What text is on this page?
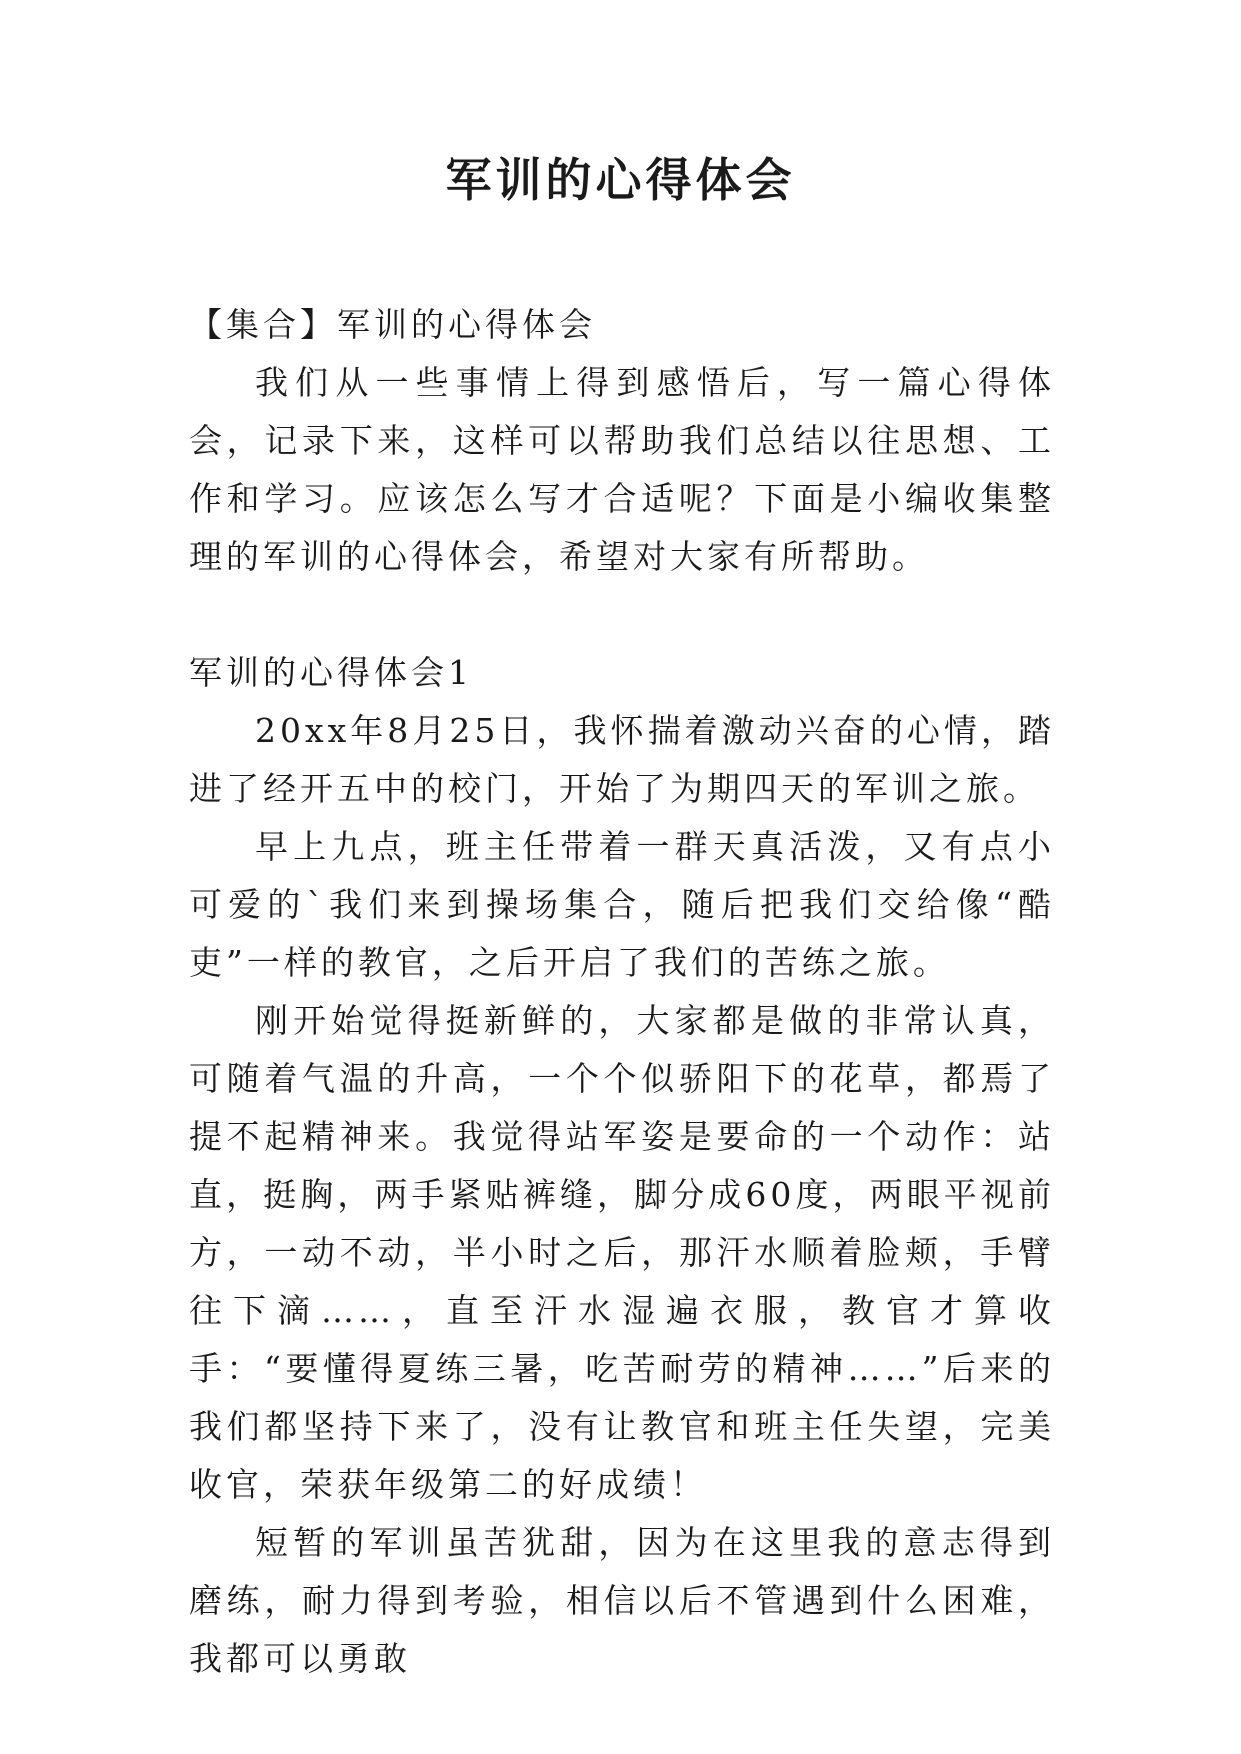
军训的心得体会

【集合】军训的心得体会

我们从一些事情上得到感悟后，写一篇心得体会，记录下来，这样可以帮助我们总结以往思想、工作和学习。应该怎么写才合适呢？下面是小编收集整理的军训的心得体会，希望对大家有所帮助。

军训的心得体会1

20xx年8月25日，我怀揣着激动兴奋的心情，踏进了经开五中的校门，开始了为期四天的军训之旅。

早上九点，班主任带着一群天真活泼，又有点小可爱的`我们来到操场集合，随后把我们交给像“酷吏”一样的教官，之后开启了我们的苦练之旅。

刚开始觉得挺新鲜的，大家都是做的非常认真，可随着气温的升高，一个个似骄阳下的花草，都焉了提不起精神来。我觉得站军姿是要命的一个动作：站直，挺胸，两手紧贴裤缝，脚分成60度，两眼平视前方，一动不动，半小时之后，那汗水顺着脸颊，手臂往下滴……，直至汗水湿遍衣服，教官才算收手：“要懂得夏练三暑，吃苦耐劳的精神……”后来的我们都坚持下来了，没有让教官和班主任失望，完美收官，荣获年级第二的好成绩！

短暂的军训虽苦犹甜，因为在这里我的意志得到磨练，耐力得到考验，相信以后不管遇到什么困难，我都可以勇敢
